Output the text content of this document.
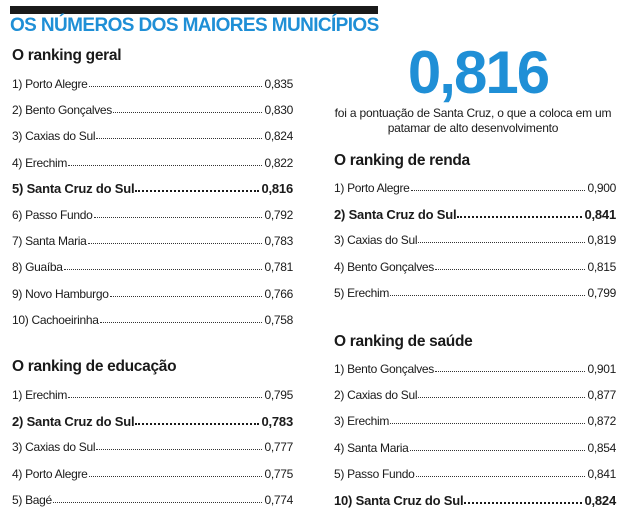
OS NÚMEROS DOS MAIORES MUNICÍPIOS
O ranking geral
1) Porto Alegre	0,835
2) Bento Gonçalves	0,830
3) Caxias do Sul	0,824
4) Erechim	0,822
5) Santa Cruz do Sul	0,816
6) Passo Fundo	0,792
7) Santa Maria	0,783
8) Guaíba	0,781
9) Novo Hamburgo	0,766
10) Cachoeirinha	0,758
O ranking de educação
1) Erechim	0,795
2) Santa Cruz do Sul	0,783
3) Caxias do Sul	0,777
4) Porto Alegre	0,775
5) Bagé	0,774
0,816
foi a pontuação de Santa Cruz, o que a coloca em um patamar de alto desenvolvimento
O ranking de renda
1) Porto Alegre	0,900
2) Santa Cruz do Sul	0,841
3) Caxias do Sul	0,819
4) Bento Gonçalves	0,815
5) Erechim	0,799
O ranking de saúde
1) Bento Gonçalves	0,901
2) Caxias do Sul	0,877
3) Erechim	0,872
4) Santa Maria	0,854
5) Passo Fundo	0,841
10) Santa Cruz do Sul	0,824
